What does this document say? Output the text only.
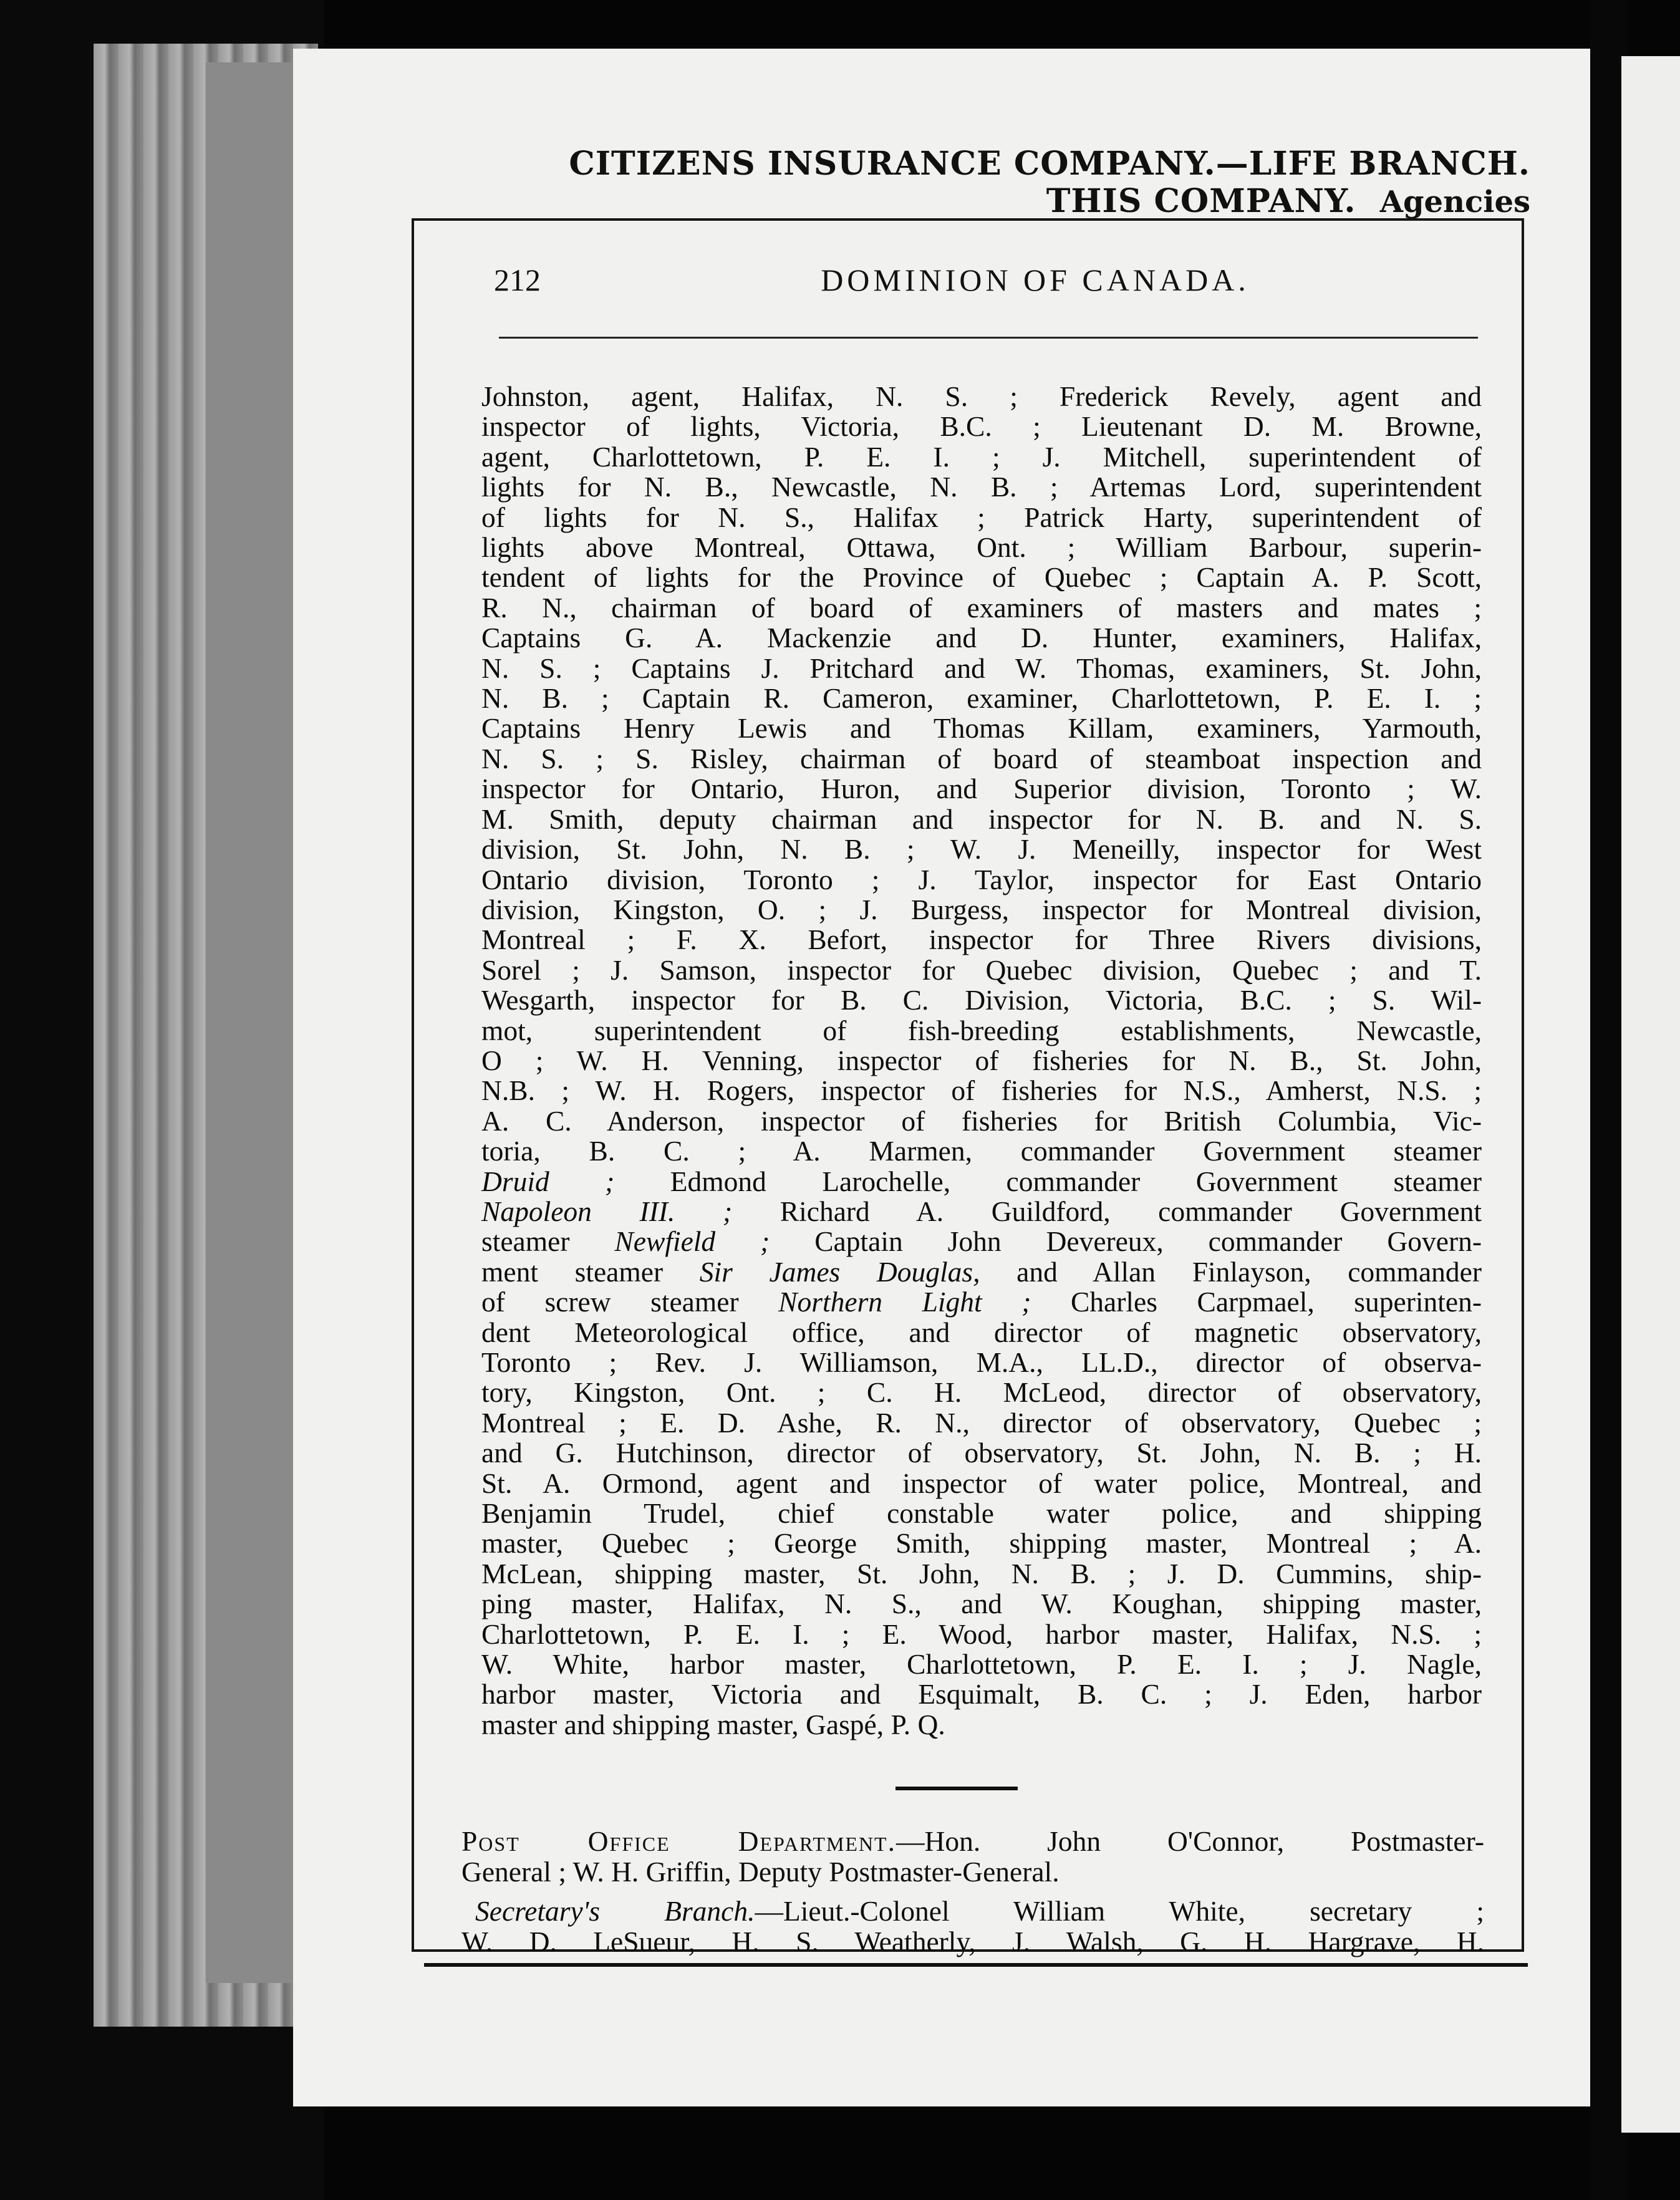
CITIZENS INSURANCE COMPANY.—LIFE BRANCH.
THIS COMPANY. Agencies
212	DOMINION OF CANADA.
Johnston, agent, Halifax, N. S. ; Frederick Revely, agent and
inspector of lights, Victoria, B.C. ; Lieutenant D. M. Browne,
agent, Charlottetown, P. E. I. ; J. Mitchell, superintendent of
lights for N. B., Newcastle, N. B. ; Artemas Lord, superintendent
of lights for N. S., Halifax ; Patrick Harty, superintendent of
lights above Montreal, Ottawa, Ont. ; William Barbour, superin-
tendent of lights for the Province of Quebec ; Captain A. P. Scott,
R. N., chairman of board of examiners of masters and mates ;
Captains G. A. Mackenzie and D. Hunter, examiners, Halifax,
N. S. ; Captains J. Pritchard and W. Thomas, examiners, St. John,
N. B. ; Captain R. Cameron, examiner, Charlottetown, P. E. I. ;
Captains Henry Lewis and Thomas Killam, examiners, Yarmouth,
N. S. ; S. Risley, chairman of board of steamboat inspection and
inspector for Ontario, Huron, and Superior division, Toronto ; W.
M. Smith, deputy chairman and inspector for N. B. and N. S.
division, St. John, N. B. ; W. J. Meneilly, inspector for West
Ontario division, Toronto ; J. Taylor, inspector for East Ontario
division, Kingston, O. ; J. Burgess, inspector for Montreal division,
Montreal ; F. X. Befort, inspector for Three Rivers divisions,
Sorel ; J. Samson, inspector for Quebec division, Quebec ; and T.
Wesgarth, inspector for B. C. Division, Victoria, B.C. ; S. Wil-
mot, superintendent of fish-breeding establishments, Newcastle,
O ; W. H. Venning, inspector of fisheries for N. B., St. John,
N.B. ; W. H. Rogers, inspector of fisheries for N.S., Amherst, N.S. ;
A. C. Anderson, inspector of fisheries for British Columbia, Vic-
toria, B. C. ; A. Marmen, commander Government steamer
Druid ; Edmond Larochelle, commander Government steamer
Napoleon III. ; Richard A. Guildford, commander Government
steamer Newfield ; Captain John Devereux, commander Govern-
ment steamer Sir James Douglas, and Allan Finlayson, commander
of screw steamer Northern Light ; Charles Carpmael, superinten-
dent Meteorological office, and director of magnetic observatory,
Toronto ; Rev. J. Williamson, M.A., LL.D., director of observa-
tory, Kingston, Ont. ; C. H. McLeod, director of observatory,
Montreal ; E. D. Ashe, R. N., director of observatory, Quebec ;
and G. Hutchinson, director of observatory, St. John, N. B. ; H.
St. A. Ormond, agent and inspector of water police, Montreal, and
Benjamin Trudel, chief constable water police, and shipping
master, Quebec ; George Smith, shipping master, Montreal ; A.
McLean, shipping master, St. John, N. B. ; J. D. Cummins, ship-
ping master, Halifax, N. S., and W. Koughan, shipping master,
Charlottetown, P. E. I. ; E. Wood, harbor master, Halifax, N.S. ;
W. White, harbor master, Charlottetown, P. E. I. ; J. Nagle,
harbor master, Victoria and Esquimalt, B. C. ; J. Eden, harbor
master and shipping master, Gaspé, P. Q.
Post Office Department.—Hon. John O'Connor, Postmaster-
General ; W. H. Griffin, Deputy Postmaster-General.
Secretary's Branch.—Lieut.-Colonel William White, secretary ;
W. D. LeSueur, H. S. Weatherly, J. Walsh, G. H. Hargrave, H.
